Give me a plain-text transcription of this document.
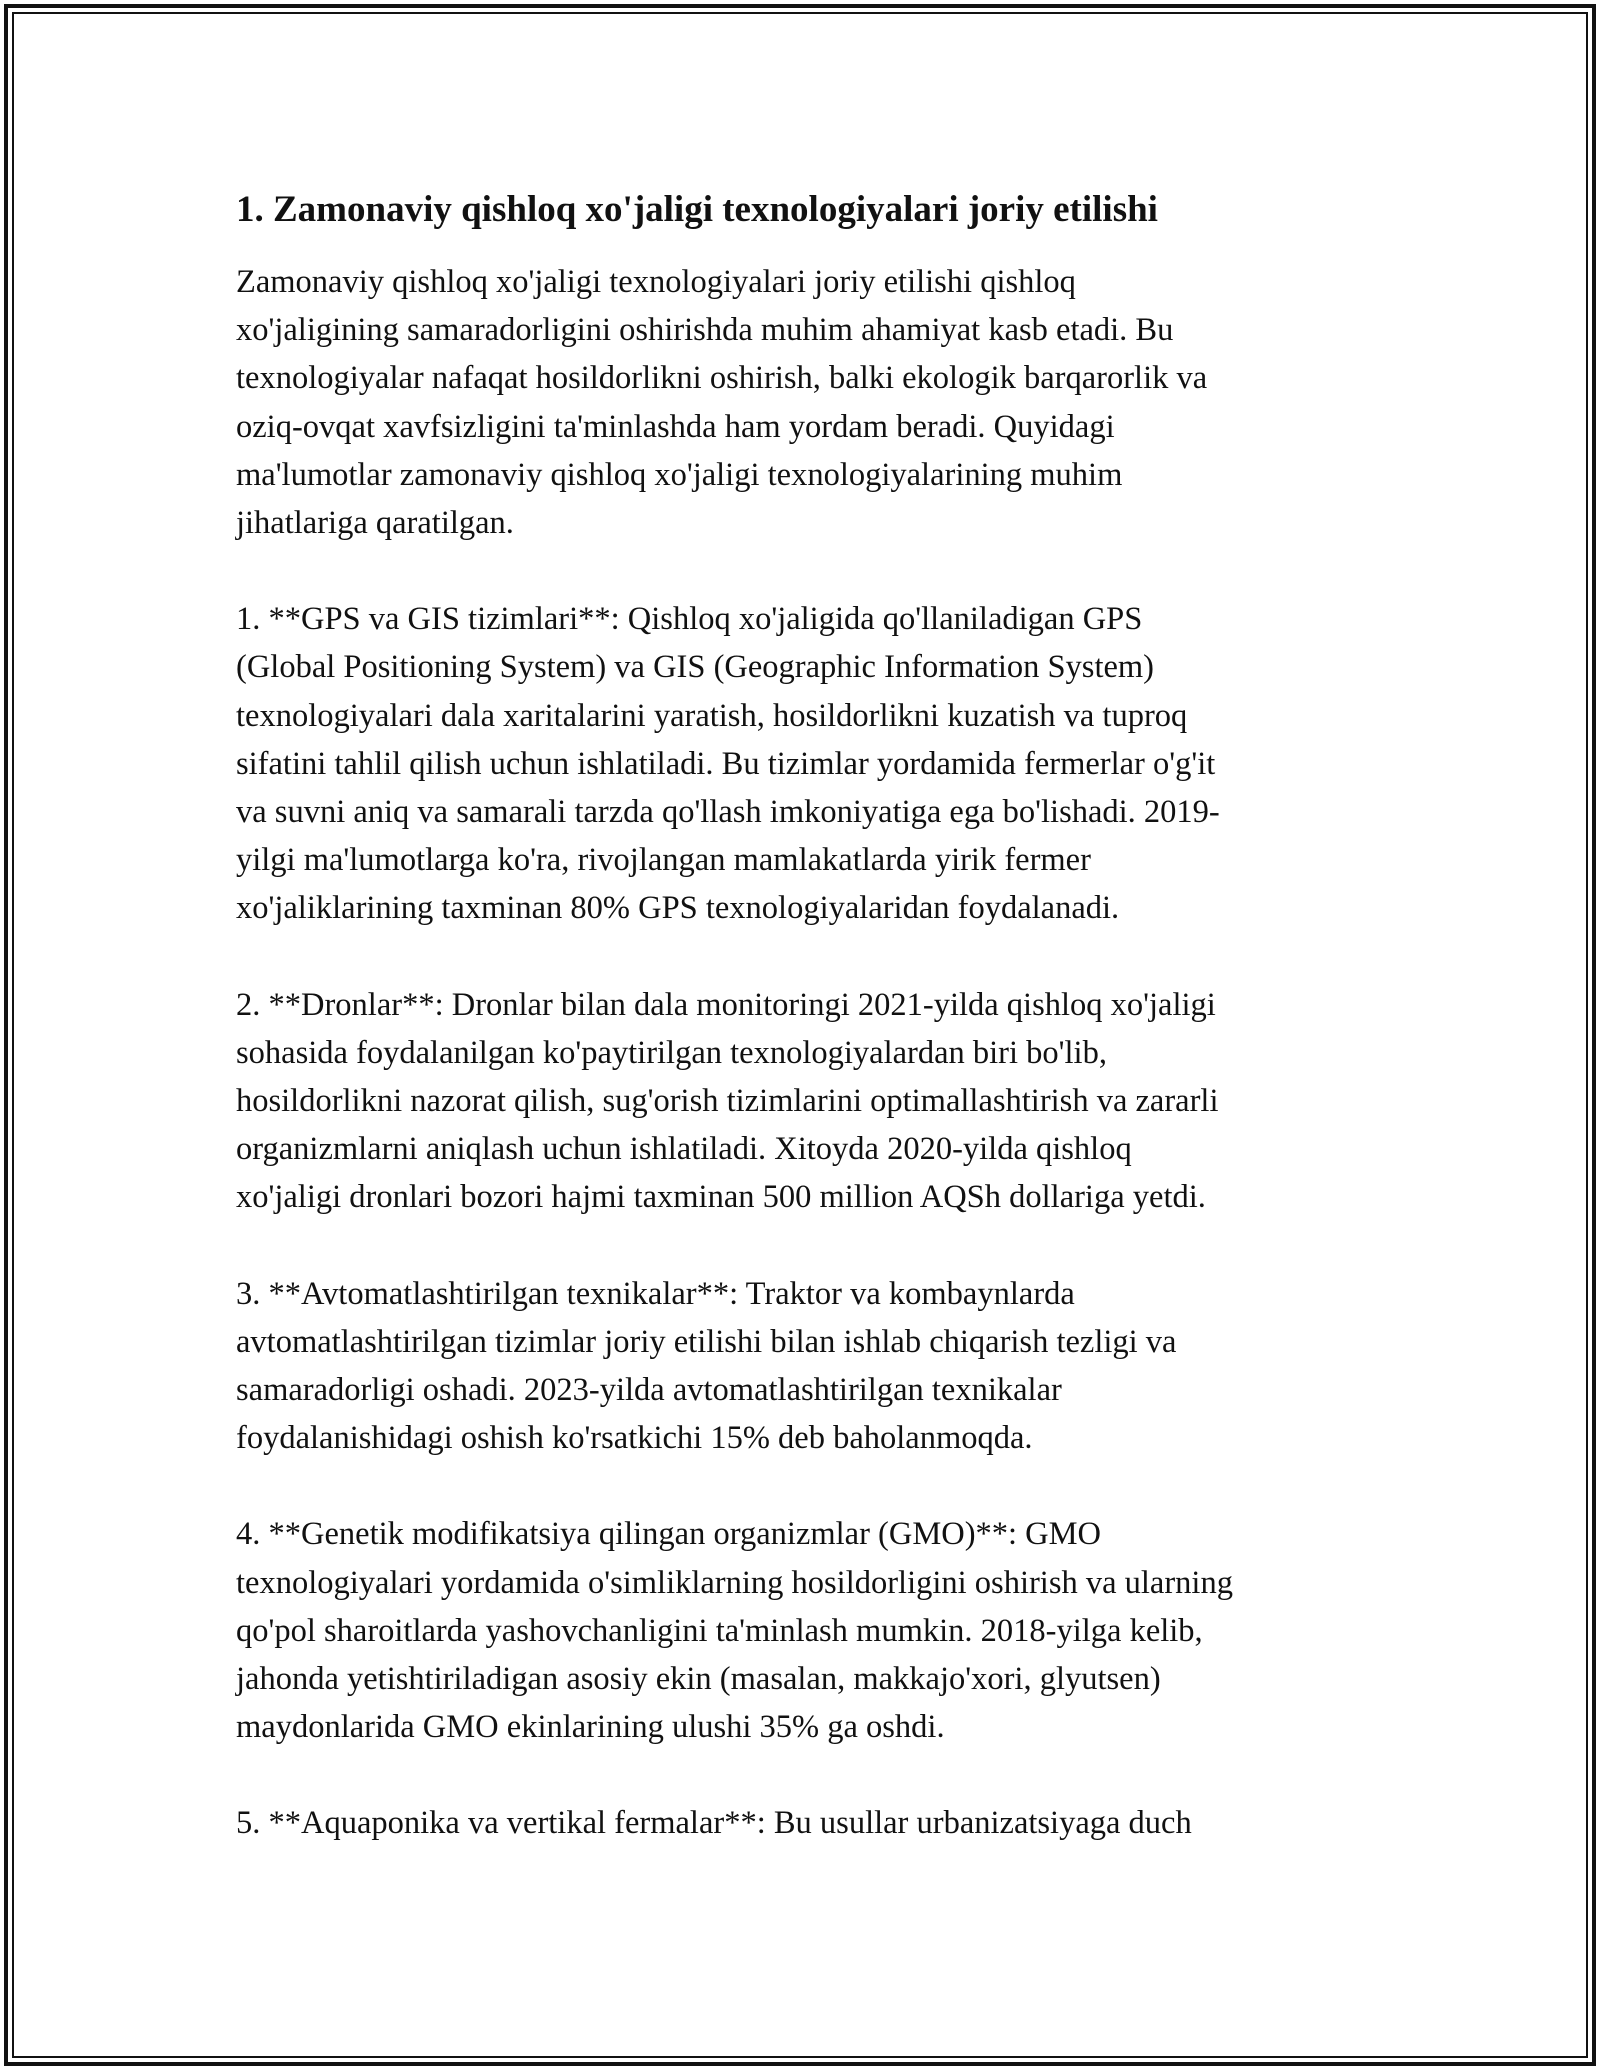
1. Zamonaviy qishloq xo'jaligi texnologiyalari joriy etilishi

Zamonaviy qishloq xo'jaligi texnologiyalari joriy etilishi qishloq
xo'jaligining samaradorligini oshirishda muhim ahamiyat kasb etadi. Bu
texnologiyalar nafaqat hosildorlikni oshirish, balki ekologik barqarorlik va
oziq-ovqat xavfsizligini ta'minlashda ham yordam beradi. Quyidagi
ma'lumotlar zamonaviy qishloq xo'jaligi texnologiyalarining muhim
jihatlariga qaratilgan.

1. **GPS va GIS tizimlari**: Qishloq xo'jaligida qo'llaniladigan GPS
(Global Positioning System) va GIS (Geographic Information System)
texnologiyalari dala xaritalarini yaratish, hosildorlikni kuzatish va tuproq
sifatini tahlil qilish uchun ishlatiladi. Bu tizimlar yordamida fermerlar o'g'it
va suvni aniq va samarali tarzda qo'llash imkoniyatiga ega bo'lishadi. 2019-
yilgi ma'lumotlarga ko'ra, rivojlangan mamlakatlarda yirik fermer
xo'jaliklarining taxminan 80% GPS texnologiyalaridan foydalanadi.

2. **Dronlar**: Dronlar bilan dala monitoringi 2021-yilda qishloq xo'jaligi
sohasida foydalanilgan ko'paytirilgan texnologiyalardan biri bo'lib,
hosildorlikni nazorat qilish, sug'orish tizimlarini optimallashtirish va zararli
organizmlarni aniqlash uchun ishlatiladi. Xitoyda 2020-yilda qishloq
xo'jaligi dronlari bozori hajmi taxminan 500 million AQSh dollariga yetdi.

3. **Avtomatlashtirilgan texnikalar**: Traktor va kombaynlarda
avtomatlashtirilgan tizimlar joriy etilishi bilan ishlab chiqarish tezligi va
samaradorligi oshadi. 2023-yilda avtomatlashtirilgan texnikalar
foydalanishidagi oshish ko'rsatkichi 15% deb baholanmoqda.

4. **Genetik modifikatsiya qilingan organizmlar (GMO)**: GMO
texnologiyalari yordamida o'simliklarning hosildorligini oshirish va ularning
qo'pol sharoitlarda yashovchanligini ta'minlash mumkin. 2018-yilga kelib,
jahonda yetishtiriladigan asosiy ekin (masalan, makkajo'xori, glyutsen)
maydonlarida GMO ekinlarining ulushi 35% ga oshdi.

5. **Aquaponika va vertikal fermalar**: Bu usullar urbanizatsiyaga duch
